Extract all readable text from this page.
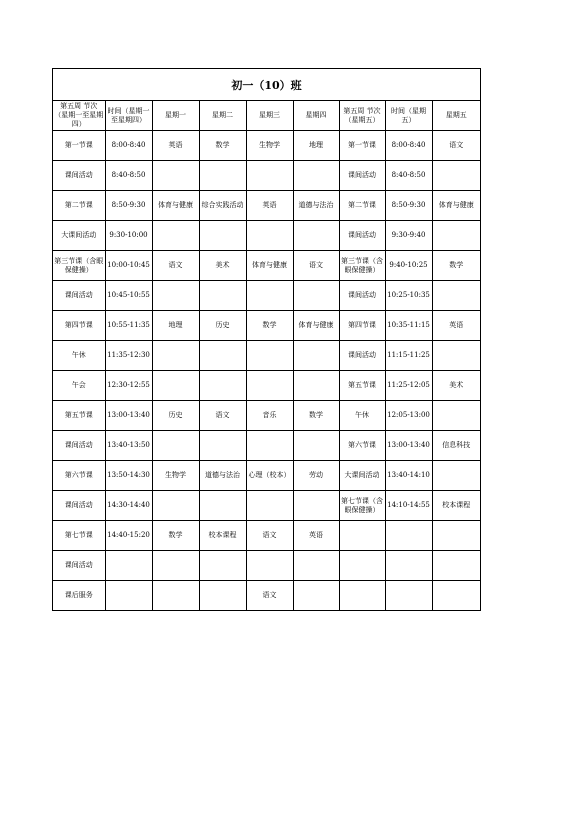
初一（10）班
第五周 节次（星期一至星期四）	时间（星期一至星期四）	星期一	星期二	星期三	星期四	第五周 节次（星期五）	时间（星期五）	星期五
第一节课	8:00-8:40	英语	数学	生物学	地理	第一节课	8:00-8:40	语文
课间活动	8:40-8:50					课间活动	8:40-8:50	
第二节课	8:50-9:30	体育与健康	综合实践活动	英语	道德与法治	第二节课	8:50-9:30	体育与健康
大课间活动	9:30-10:00					课间活动	9:30-9:40	
第三节课（含眼保健操）	10:00-10:45	语文	美术	体育与健康	语文	第三节课（含眼保健操）	9:40-10:25	数学
课间活动	10:45-10:55					课间活动	10:25-10:35	
第四节课	10:55-11:35	地理	历史	数学	体育与健康	第四节课	10:35-11:15	英语
午休	11:35-12:30					课间活动	11:15-11:25	
午会	12:30-12:55					第五节课	11:25-12:05	美术
第五节课	13:00-13:40	历史	语文	音乐	数学	午休	12:05-13:00	
课间活动	13:40-13:50					第六节课	13:00-13:40	信息科技
第六节课	13:50-14:30	生物学	道德与法治	心理（校本）	劳动	大课间活动	13:40-14:10	
课间活动	14:30-14:40					第七节课（含眼保健操）	14:10-14:55	校本课程
第七节课	14:40-15:20	数学	校本课程	语文	英语			
课间活动								
课后服务				语文				
